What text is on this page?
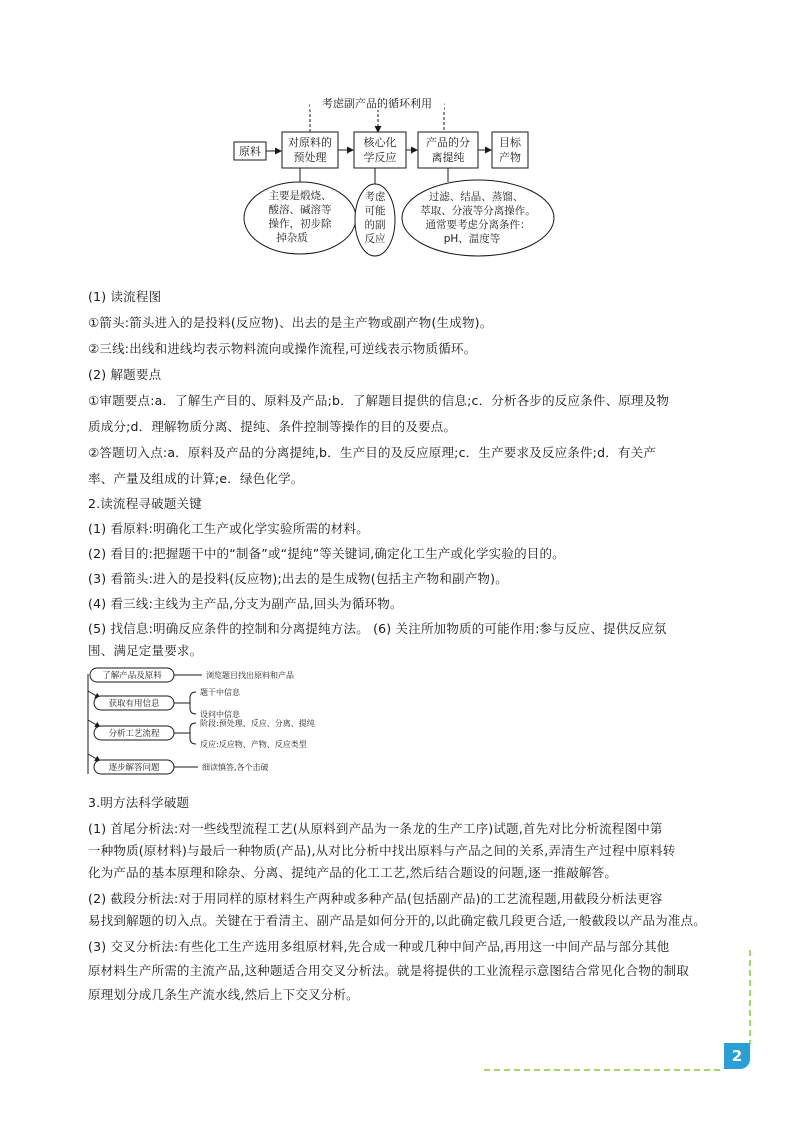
考虑副产品的循环利用
原料
对原料的
预处理
核心化
学反应
产品的分
离提纯
目标
产物
主要是煅烧、
酸溶、碱溶等
操作，初步除
掉杂质
考虑
可能
的副
反应
过滤、结晶、蒸馏、
萃取、分液等分离操作。
通常要考虑分离条件：
pH、温度等
(1) 读流程图
①箭头:箭头进入的是投料(反应物)、出去的是主产物或副产物(生成物)。
②三线:出线和进线均表示物料流向或操作流程,可逆线表示物质循环。
(2) 解题要点
①审题要点:a．了解生产目的、原料及产品;b．了解题目提供的信息;c．分析各步的反应条件、原理及物
质成分;d．理解物质分离、提纯、条件控制等操作的目的及要点。
②答题切入点:a．原料及产品的分离提纯,b．生产目的及反应原理;c．生产要求及反应条件;d．有关产
率、产量及组成的计算;e．绿色化学。
2.读流程寻破题关键
(1) 看原料:明确化工生产或化学实验所需的材料。
(2) 看目的:把握题干中的“制备”或“提纯”等关键词,确定化工生产或化学实验的目的。
(3) 看箭头:进入的是投料(反应物);出去的是生成物(包括主产物和副产物)。
(4) 看三线:主线为主产品,分支为副产品,回头为循环物。
(5) 找信息:明确反应条件的控制和分离提纯方法。 (6) 关注所加物质的可能作用:参与反应、提供反应氛
围、满足定量要求。
了解产品及原料	浏览题目找出原料和产品
获取有用信息
题干中信息
设问中信息
分析工艺流程
阶段:预处理、反应、分离、提纯
反应:反应物、产物、反应类型
逐步解答问题	细读慎答,各个击破
3.明方法科学破题
(1) 首尾分析法:对一些线型流程工艺(从原料到产品为一条龙的生产工序)试题,首先对比分析流程图中第
一种物质(原材料)与最后一种物质(产品),从对比分析中找出原料与产品之间的关系,弄清生产过程中原料转
化为产品的基本原理和除杂、分离、提纯产品的化工工艺,然后结合题设的问题,逐一推敲解答。
(2) 截段分析法:对于用同样的原材料生产两种或多种产品(包括副产品)的工艺流程题,用截段分析法更容
易找到解题的切入点。关键在于看清主、副产品是如何分开的,以此确定截几段更合适,一般截段以产品为准点。
(3) 交叉分析法:有些化工生产选用多组原材料,先合成一种或几种中间产品,再用这一中间产品与部分其他
原材料生产所需的主流产品,这种题适合用交叉分析法。就是将提供的工业流程示意图结合常见化合物的制取
原理划分成几条生产流水线,然后上下交叉分析。
2
